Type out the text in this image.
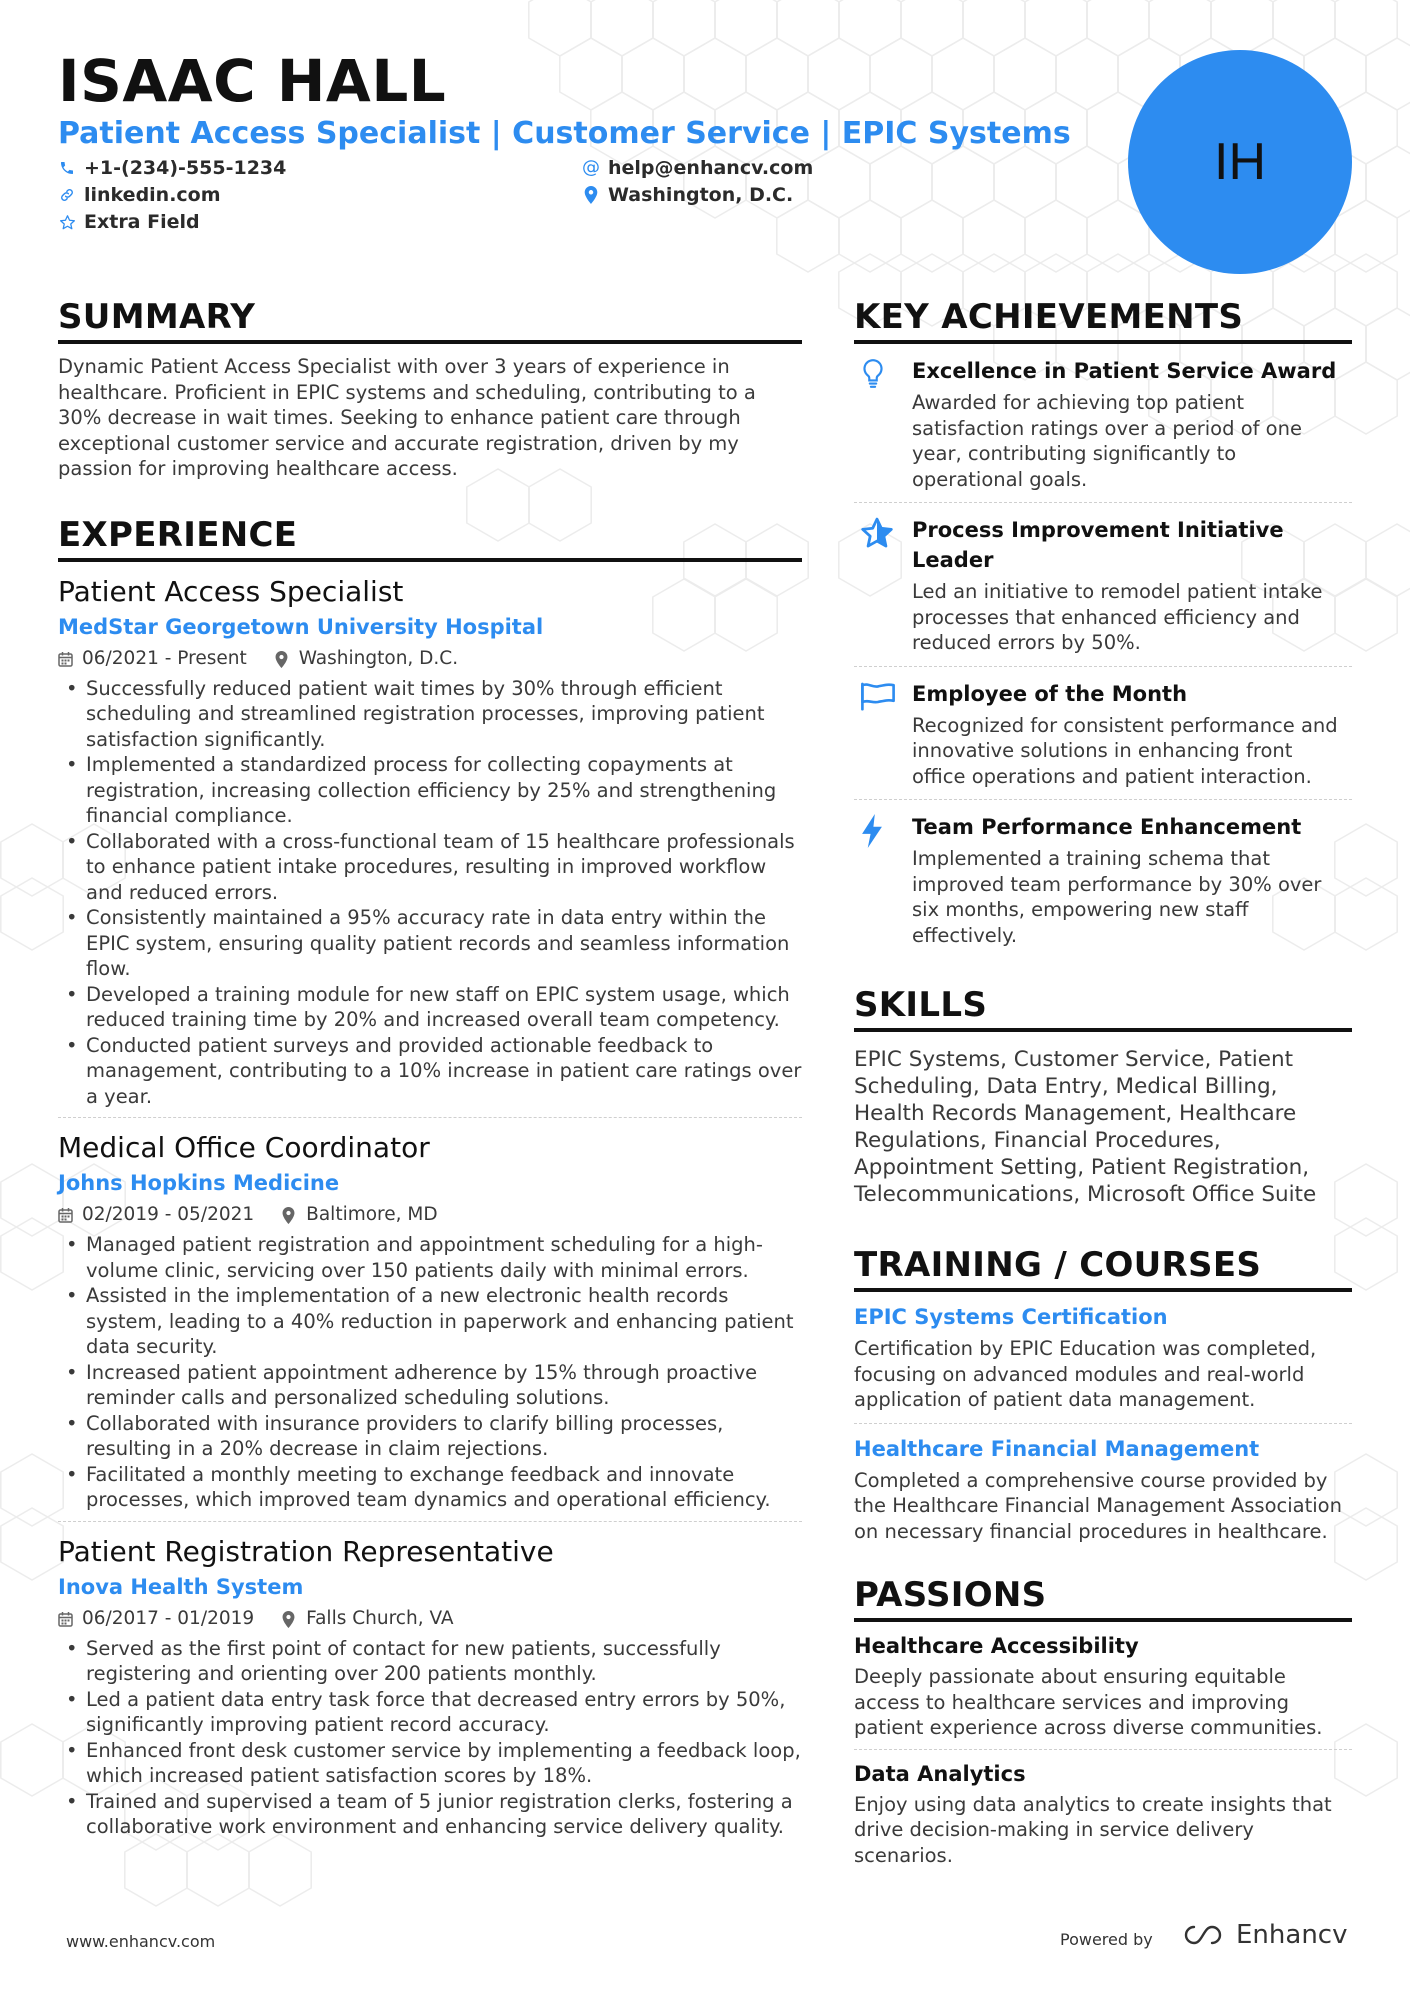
ISAAC HALL
Patient Access Specialist | Customer Service | EPIC Systems
+1-(234)-555-1234	@ help@enhancv.com
linkedin.com	Washington, D.C.
Extra Field
IH
SUMMARY
Dynamic Patient Access Specialist with over 3 years of experience in healthcare. Proficient in EPIC systems and scheduling, contributing to a 30% decrease in wait times. Seeking to enhance patient care through exceptional customer service and accurate registration, driven by my passion for improving healthcare access.
EXPERIENCE
Patient Access Specialist
MedStar Georgetown University Hospital
06/2021 - Present	Washington, D.C.
• Successfully reduced patient wait times by 30% through efficient scheduling and streamlined registration processes, improving patient satisfaction significantly.
• Implemented a standardized process for collecting copayments at registration, increasing collection efficiency by 25% and strengthening financial compliance.
• Collaborated with a cross-functional team of 15 healthcare professionals to enhance patient intake procedures, resulting in improved workflow and reduced errors.
• Consistently maintained a 95% accuracy rate in data entry within the EPIC system, ensuring quality patient records and seamless information flow.
• Developed a training module for new staff on EPIC system usage, which reduced training time by 20% and increased overall team competency.
• Conducted patient surveys and provided actionable feedback to management, contributing to a 10% increase in patient care ratings over a year.
Medical Office Coordinator
Johns Hopkins Medicine
02/2019 - 05/2021	Baltimore, MD
• Managed patient registration and appointment scheduling for a high-volume clinic, servicing over 150 patients daily with minimal errors.
• Assisted in the implementation of a new electronic health records system, leading to a 40% reduction in paperwork and enhancing patient data security.
• Increased patient appointment adherence by 15% through proactive reminder calls and personalized scheduling solutions.
• Collaborated with insurance providers to clarify billing processes, resulting in a 20% decrease in claim rejections.
• Facilitated a monthly meeting to exchange feedback and innovate processes, which improved team dynamics and operational efficiency.
Patient Registration Representative
Inova Health System
06/2017 - 01/2019	Falls Church, VA
• Served as the first point of contact for new patients, successfully registering and orienting over 200 patients monthly.
• Led a patient data entry task force that decreased entry errors by 50%, significantly improving patient record accuracy.
• Enhanced front desk customer service by implementing a feedback loop, which increased patient satisfaction scores by 18%.
• Trained and supervised a team of 5 junior registration clerks, fostering a collaborative work environment and enhancing service delivery quality.
KEY ACHIEVEMENTS
Excellence in Patient Service Award
Awarded for achieving top patient satisfaction ratings over a period of one year, contributing significantly to operational goals.
Process Improvement Initiative Leader
Led an initiative to remodel patient intake processes that enhanced efficiency and reduced errors by 50%.
Employee of the Month
Recognized for consistent performance and innovative solutions in enhancing front office operations and patient interaction.
Team Performance Enhancement
Implemented a training schema that improved team performance by 30% over six months, empowering new staff effectively.
SKILLS
EPIC Systems, Customer Service, Patient Scheduling, Data Entry, Medical Billing, Health Records Management, Healthcare Regulations, Financial Procedures, Appointment Setting, Patient Registration, Telecommunications, Microsoft Office Suite
TRAINING / COURSES
EPIC Systems Certification
Certification by EPIC Education was completed, focusing on advanced modules and real-world application of patient data management.
Healthcare Financial Management
Completed a comprehensive course provided by the Healthcare Financial Management Association on necessary financial procedures in healthcare.
PASSIONS
Healthcare Accessibility
Deeply passionate about ensuring equitable access to healthcare services and improving patient experience across diverse communities.
Data Analytics
Enjoy using data analytics to create insights that drive decision-making in service delivery scenarios.
www.enhancv.com	Powered by	Enhancv
